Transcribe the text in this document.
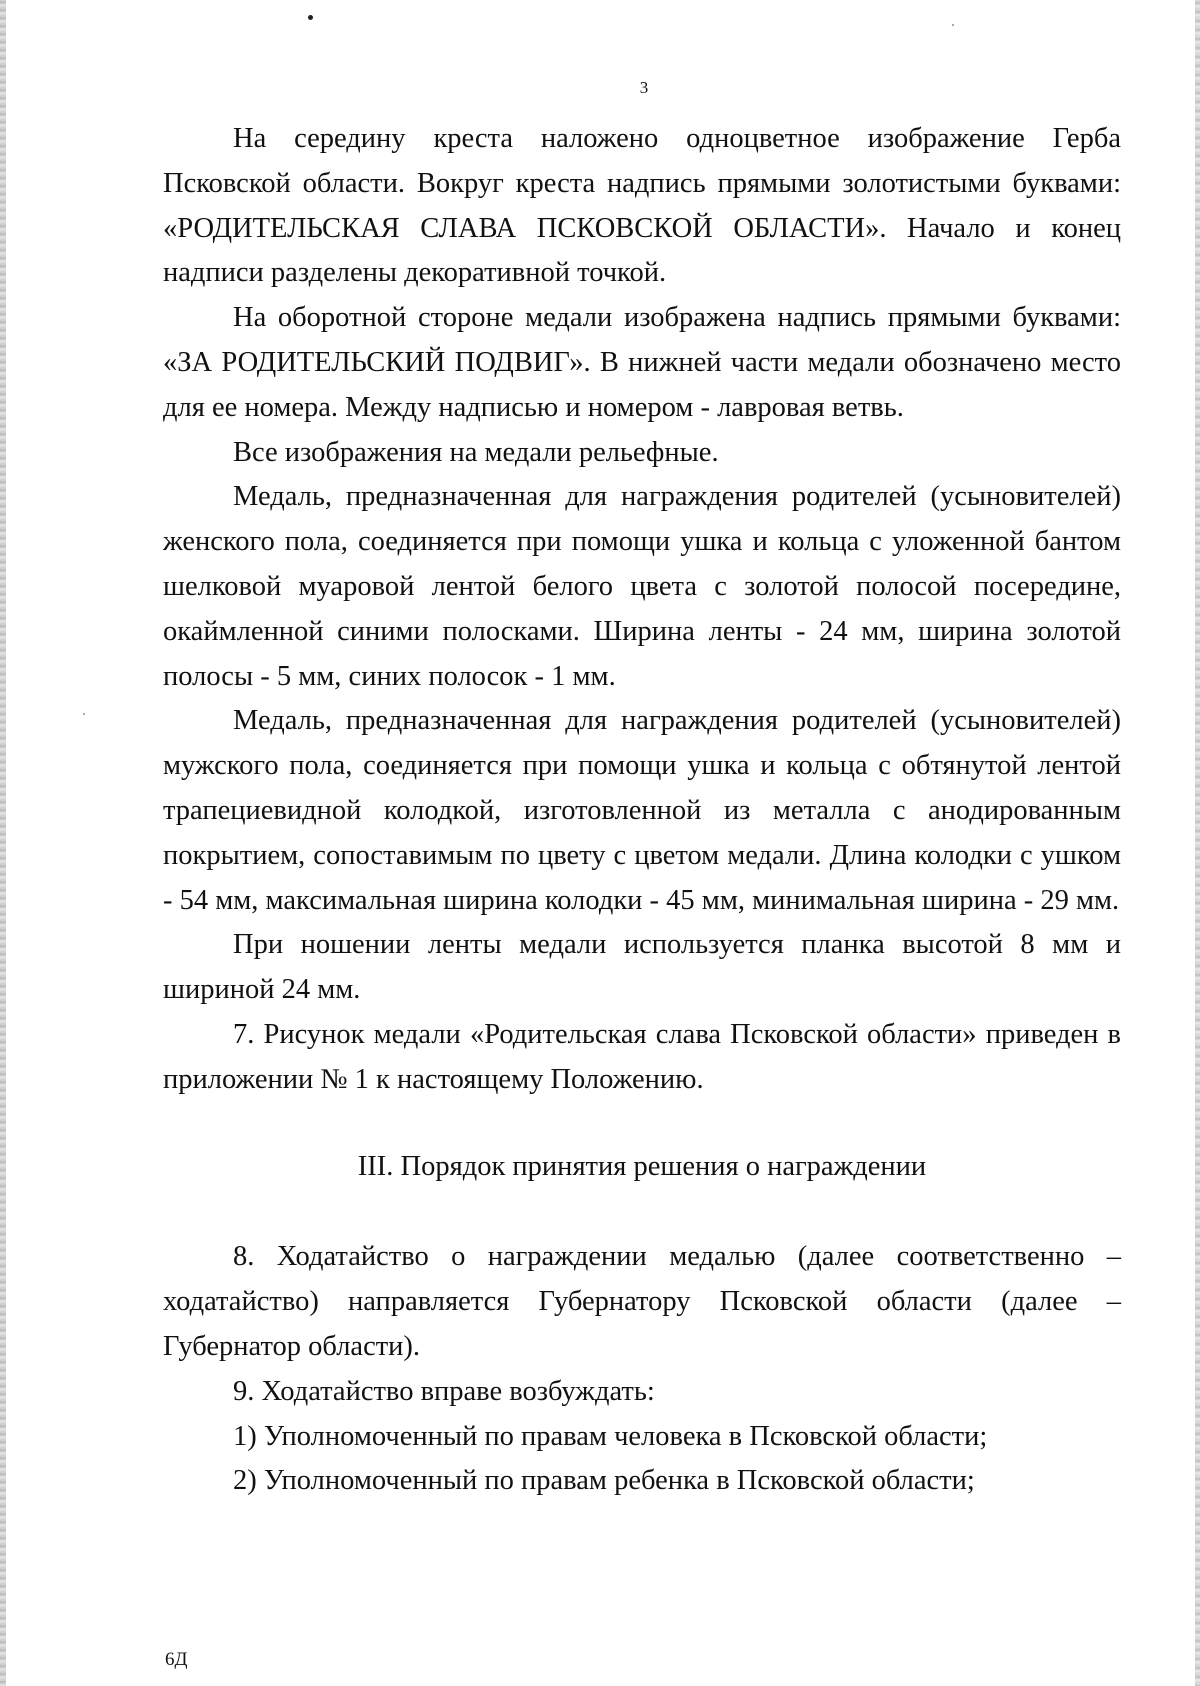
3

На середину креста наложено одноцветное изображение Герба Псковской области. Вокруг креста надпись прямыми золотистыми буквами: «РОДИТЕЛЬСКАЯ СЛАВА ПСКОВСКОЙ ОБЛАСТИ». Начало и конец надписи разделены декоративной точкой.

На оборотной стороне медали изображена надпись прямыми буквами: «ЗА РОДИТЕЛЬСКИЙ ПОДВИГ». В нижней части медали обозначено место для ее номера. Между надписью и номером - лавровая ветвь.

Все изображения на медали рельефные.

Медаль, предназначенная для награждения родителей (усыновителей) женского пола, соединяется при помощи ушка и кольца с уложенной бантом шелковой муаровой лентой белого цвета с золотой полосой посередине, окаймленной синими полосками. Ширина ленты - 24 мм, ширина золотой полосы - 5 мм, синих полосок - 1 мм.

Медаль, предназначенная для награждения родителей (усыновителей) мужского пола, соединяется при помощи ушка и кольца с обтянутой лентой трапециевидной колодкой, изготовленной из металла с анодированным покрытием, сопоставимым по цвету с цветом медали. Длина колодки с ушком - 54 мм, максимальная ширина колодки - 45 мм, минимальная ширина - 29 мм.

При ношении ленты медали используется планка высотой 8 мм и шириной 24 мм.

7. Рисунок медали «Родительская слава Псковской области» приведен в приложении № 1 к настоящему Положению.

III. Порядок принятия решения о награждении

8. Ходатайство о награждении медалью (далее соответственно – ходатайство) направляется Губернатору Псковской области (далее – Губернатор области).

9. Ходатайство вправе возбуждать:

1) Уполномоченный по правам человека в Псковской области;

2) Уполномоченный по правам ребенка в Псковской области;

6Д
